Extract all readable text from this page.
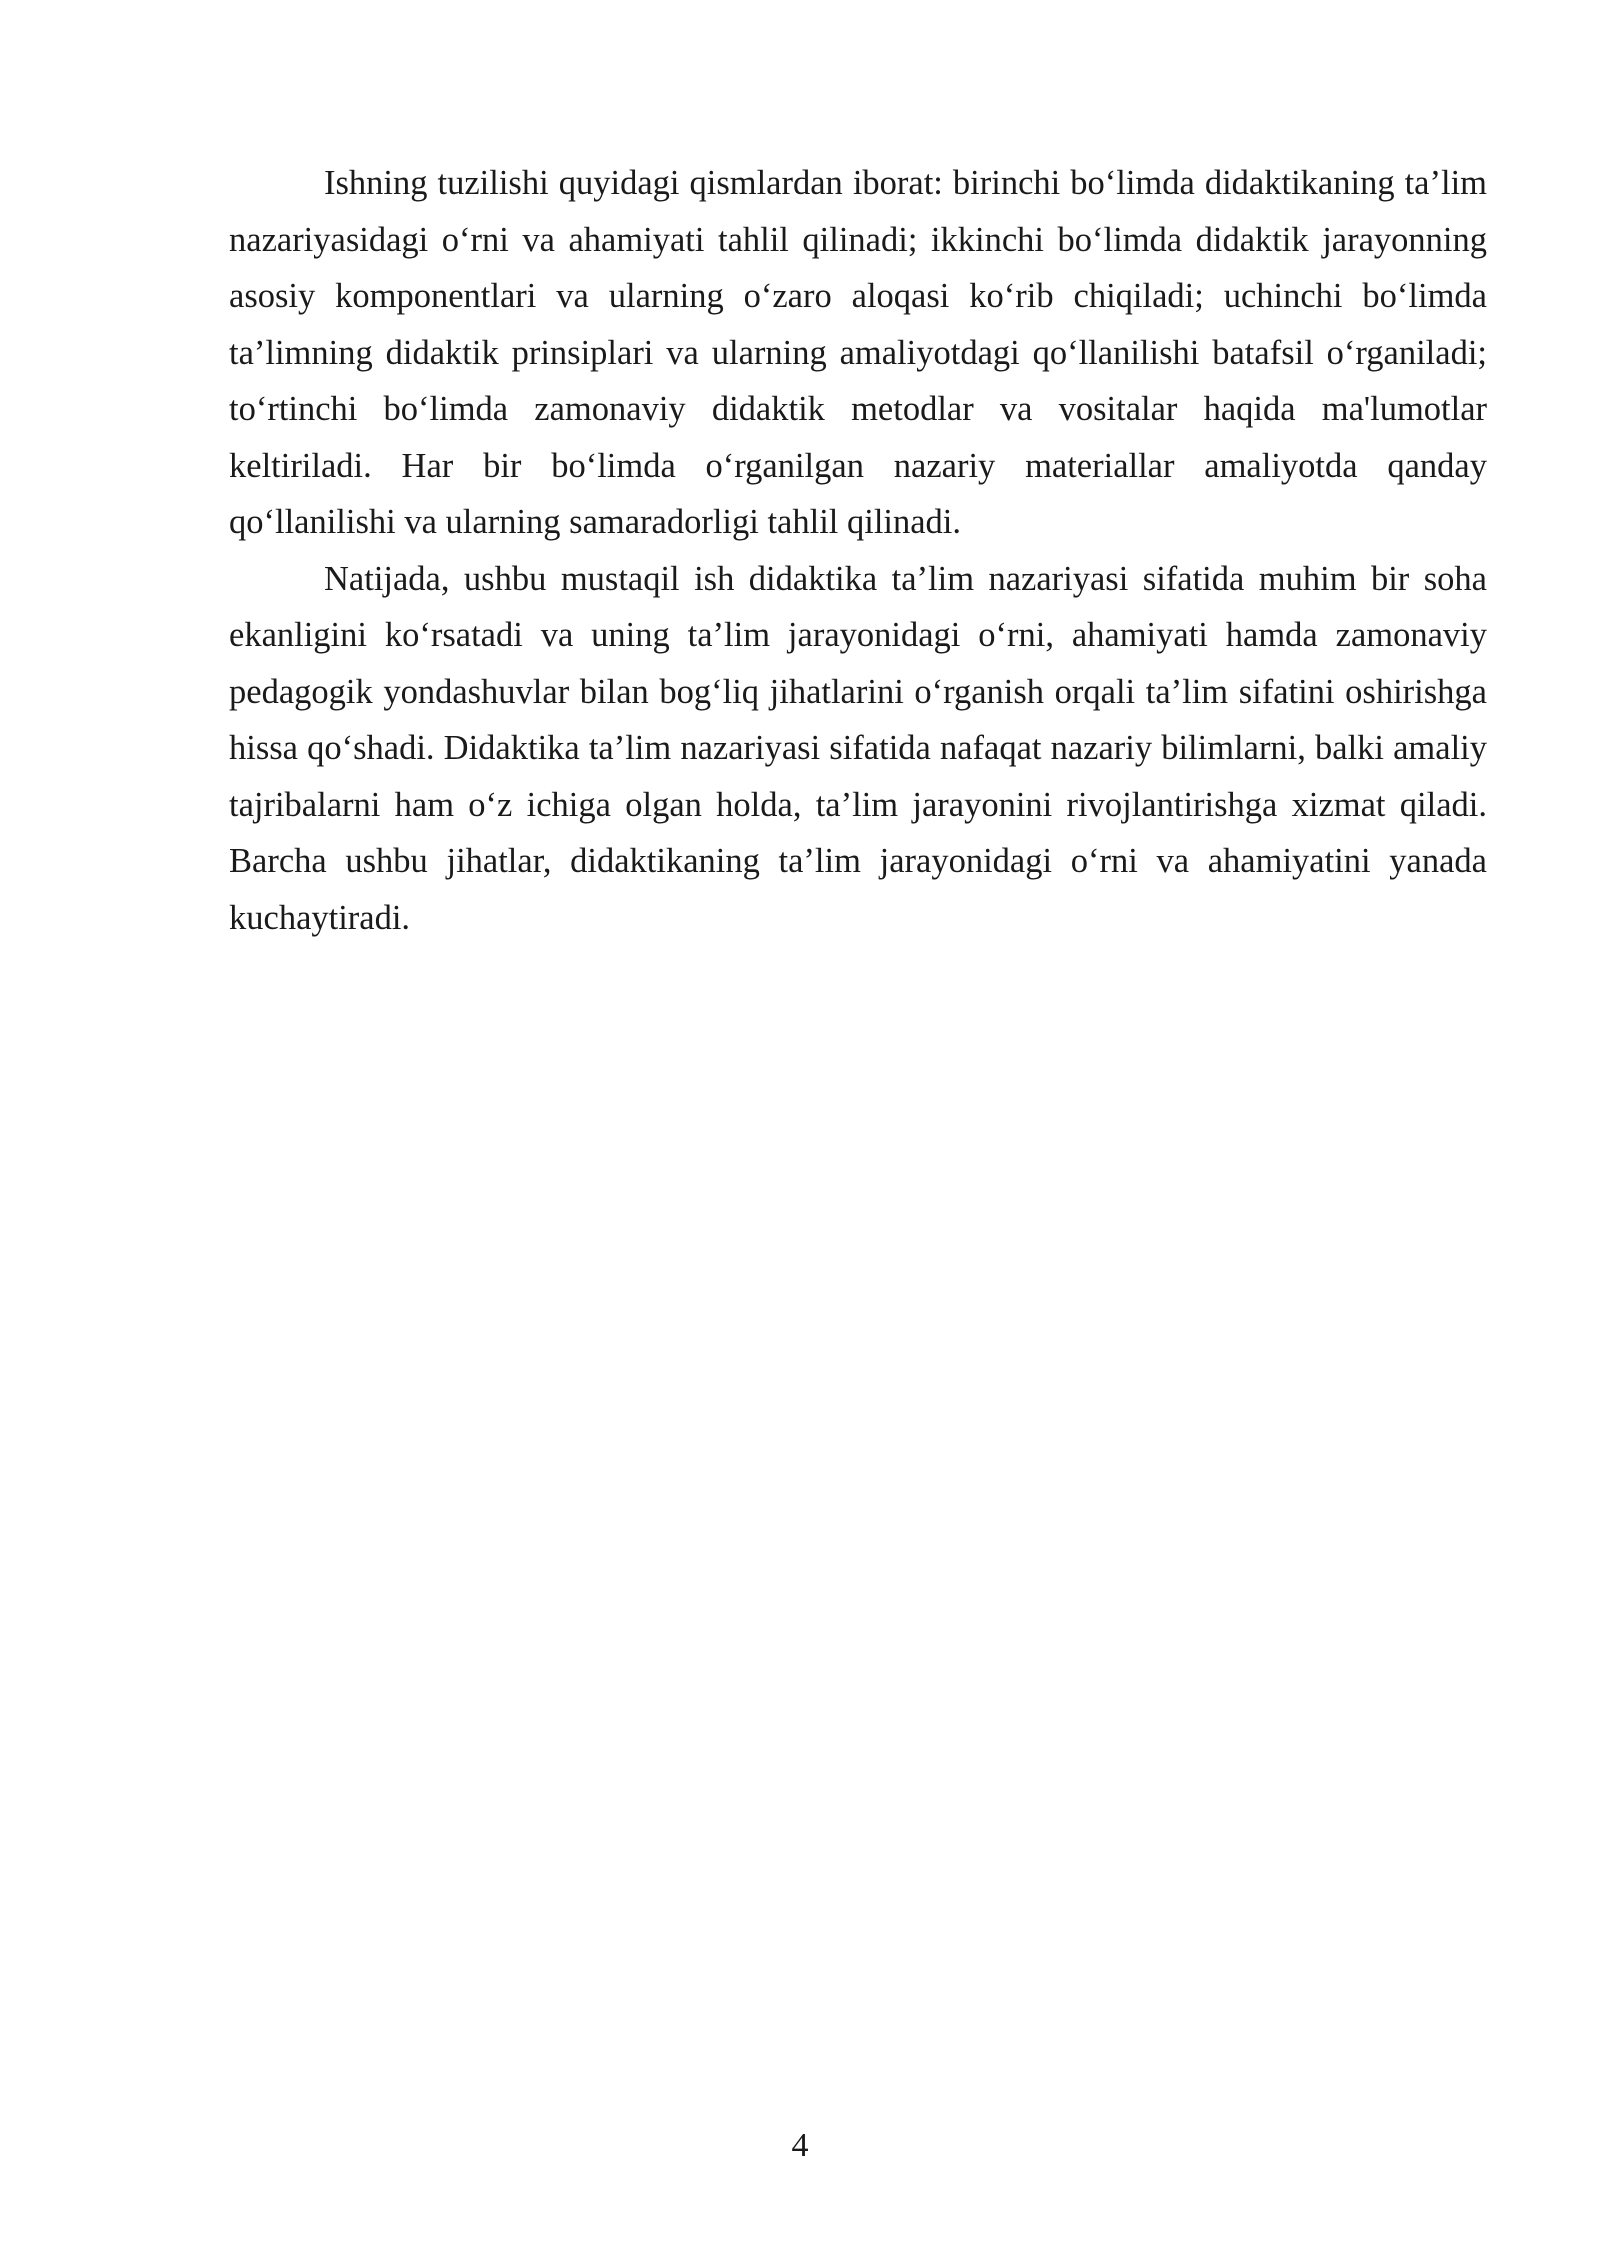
Ishning tuzilishi quyidagi qismlardan iborat: birinchi bo‘limda didaktikaning ta’lim nazariyasidagi o‘rni va ahamiyati tahlil qilinadi; ikkinchi bo‘limda didaktik jarayonning asosiy komponentlari va ularning o‘zaro aloqasi ko‘rib chiqiladi; uchinchi bo‘limda ta’limning didaktik prinsiplari va ularning amaliyotdagi qo‘llanilishi batafsil o‘rganiladi; to‘rtinchi bo‘limda zamonaviy didaktik metodlar va vositalar haqida ma'lumotlar keltiriladi. Har bir bo‘limda o‘rganilgan nazariy materiallar amaliyotda qanday qo‘llanilishi va ularning samaradorligi tahlil qilinadi.

Natijada, ushbu mustaqil ish didaktika ta’lim nazariyasi sifatida muhim bir soha ekanligini ko‘rsatadi va uning ta’lim jarayonidagi o‘rni, ahamiyati hamda zamonaviy pedagogik yondashuvlar bilan bog‘liq jihatlarini o‘rganish orqali ta’lim sifatini oshirishga hissa qo‘shadi. Didaktika ta’lim nazariyasi sifatida nafaqat nazariy bilimlarni, balki amaliy tajribalarni ham o‘z ichiga olgan holda, ta’lim jarayonini rivojlantirishga xizmat qiladi. Barcha ushbu jihatlar, didaktikaning ta’lim jarayonidagi o‘rni va ahamiyatini yanada kuchaytiradi.

4
